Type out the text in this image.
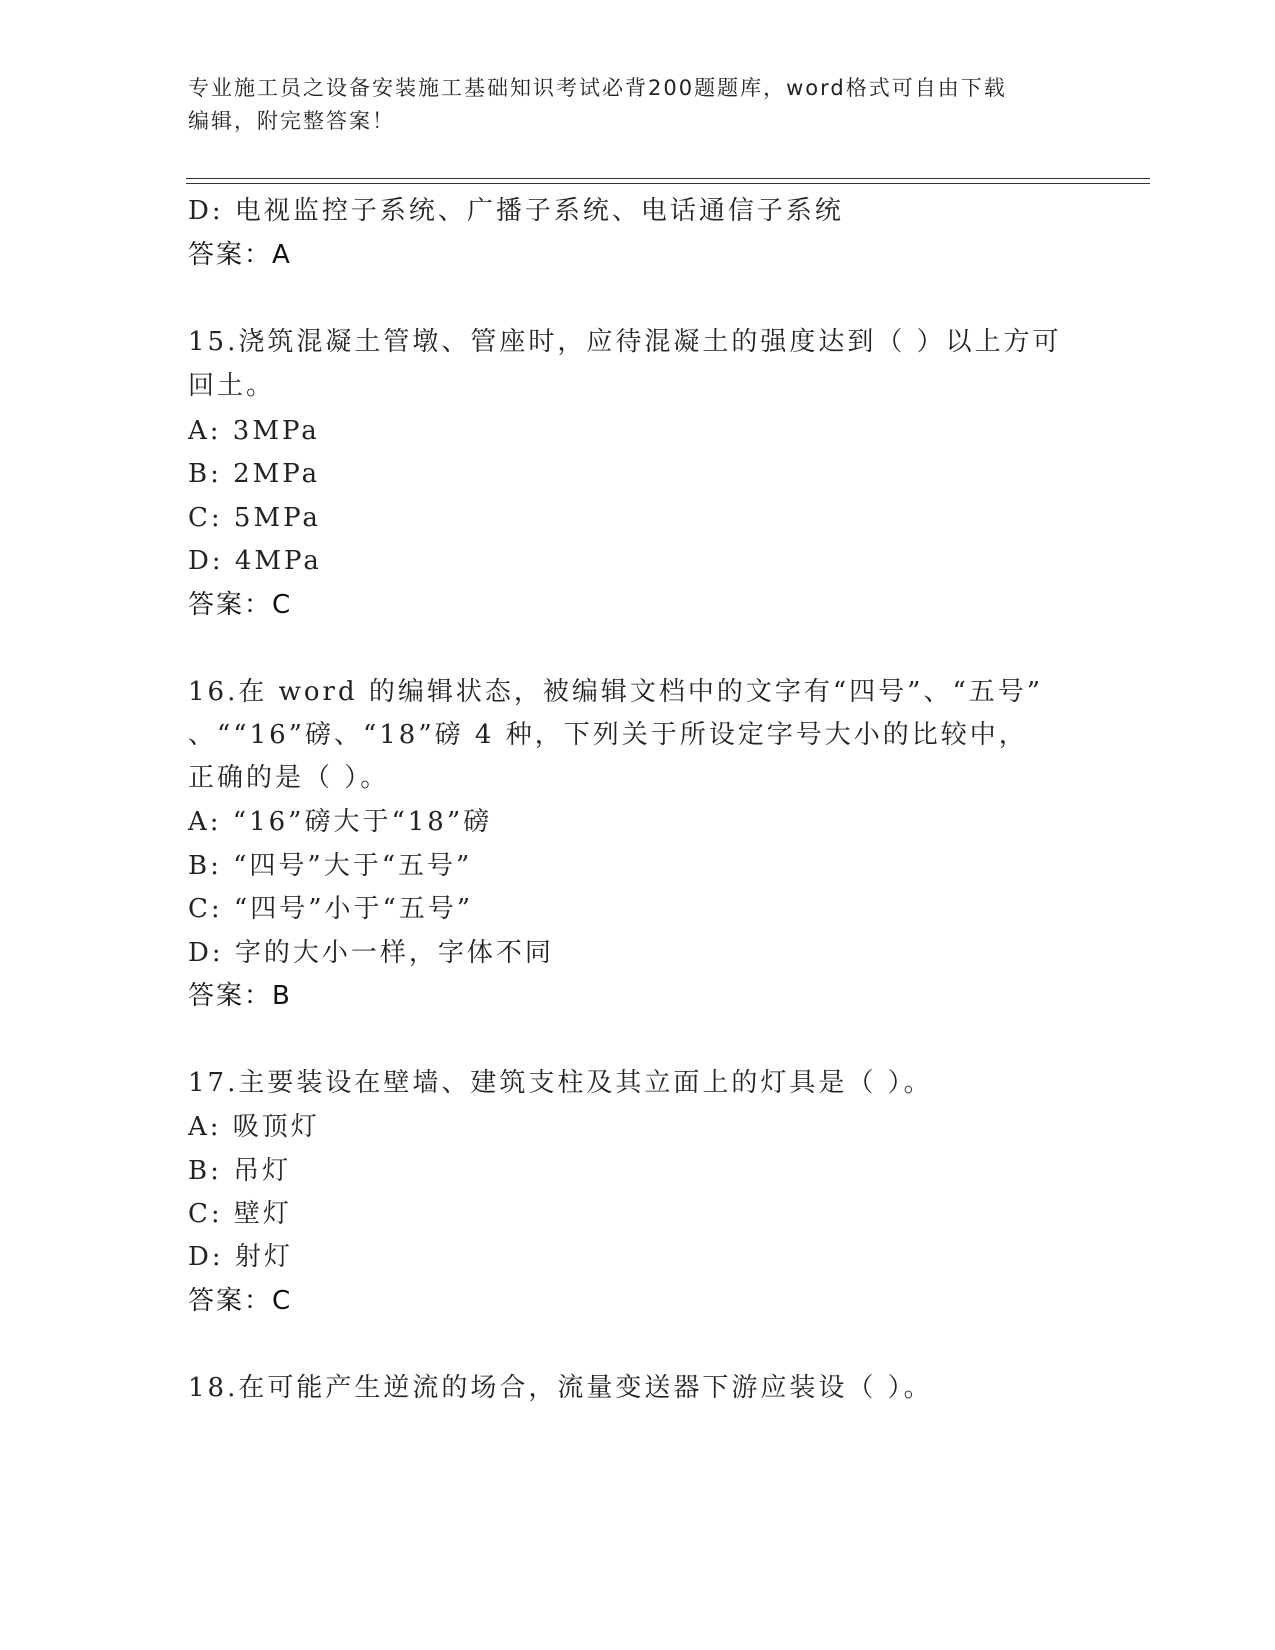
专业施工员之设备安装施工基础知识考试必背200题题库，word格式可自由下载
编辑，附完整答案！
D: 电视监控子系统、广播子系统、电话通信子系统
答案：A
15.浇筑混凝土管墩、管座时，应待混凝土的强度达到（ ）以上方可
回土。
A: 3MPa
B: 2MPa
C: 5MPa
D: 4MPa
答案：C
16.在 word 的编辑状态，被编辑文档中的文字有“四号”、“五号”
、““16”磅、“18”磅 4 种，下列关于所设定字号大小的比较中，
正确的是（ ）。
A: “16”磅大于“18”磅
B: “四号”大于“五号”
C: “四号”小于“五号”
D: 字的大小一样，字体不同
答案：B
17.主要装设在壁墙、建筑支柱及其立面上的灯具是（ ）。
A: 吸顶灯
B: 吊灯
C: 壁灯
D: 射灯
答案：C
18.在可能产生逆流的场合，流量变送器下游应装设（ ）。
